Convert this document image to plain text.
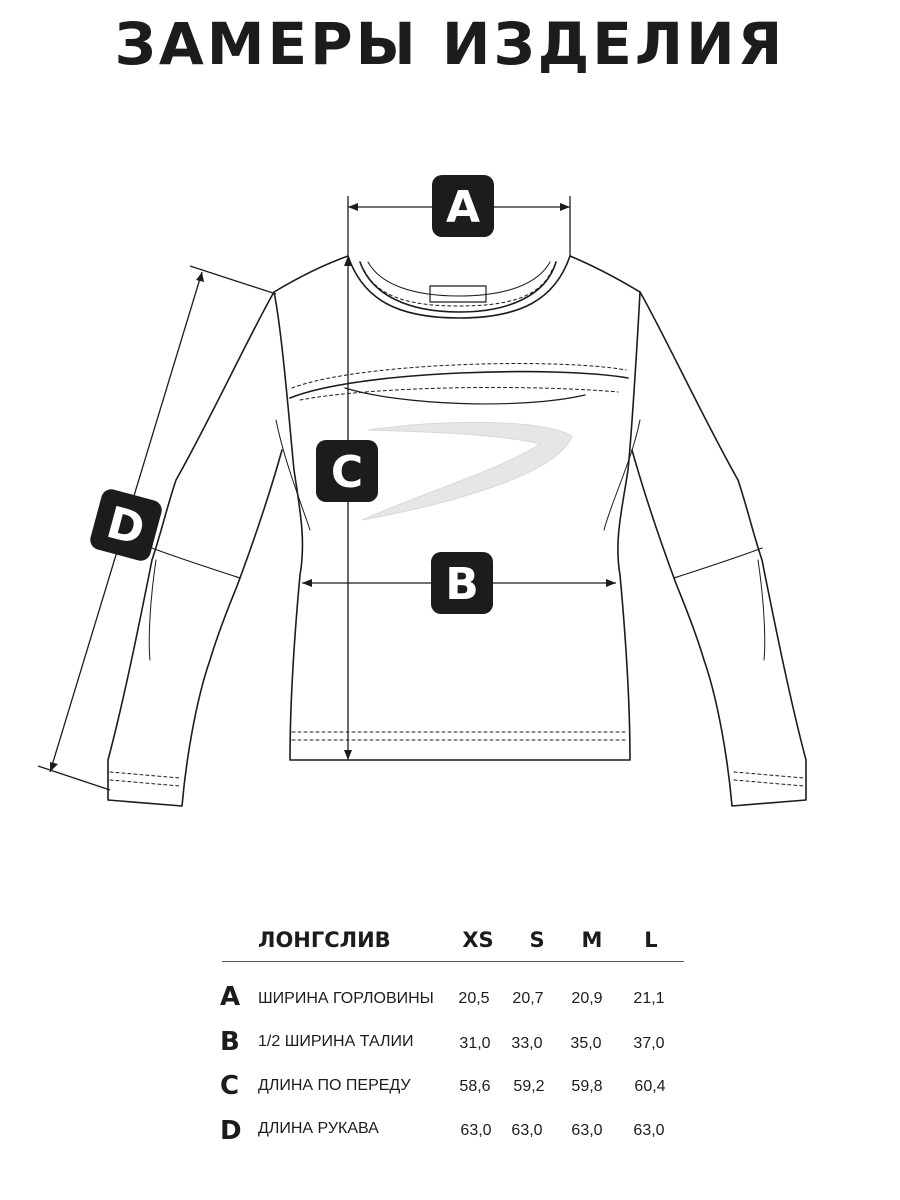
ЗАМЕРЫ ИЗДЕЛИЯ
A
C
B
D
ЛОНГСЛИВ	XS	S	M	L
A ШИРИНА ГОРЛОВИНЫ	20,5	20,7	20,9	21,1
B 1/2 ШИРИНА ТАЛИИ	31,0	33,0	35,0	37,0
C ДЛИНА ПО ПЕРЕДУ	58,6	59,2	59,8	60,4
D ДЛИНА РУКАВА	63,0	63,0	63,0	63,0
